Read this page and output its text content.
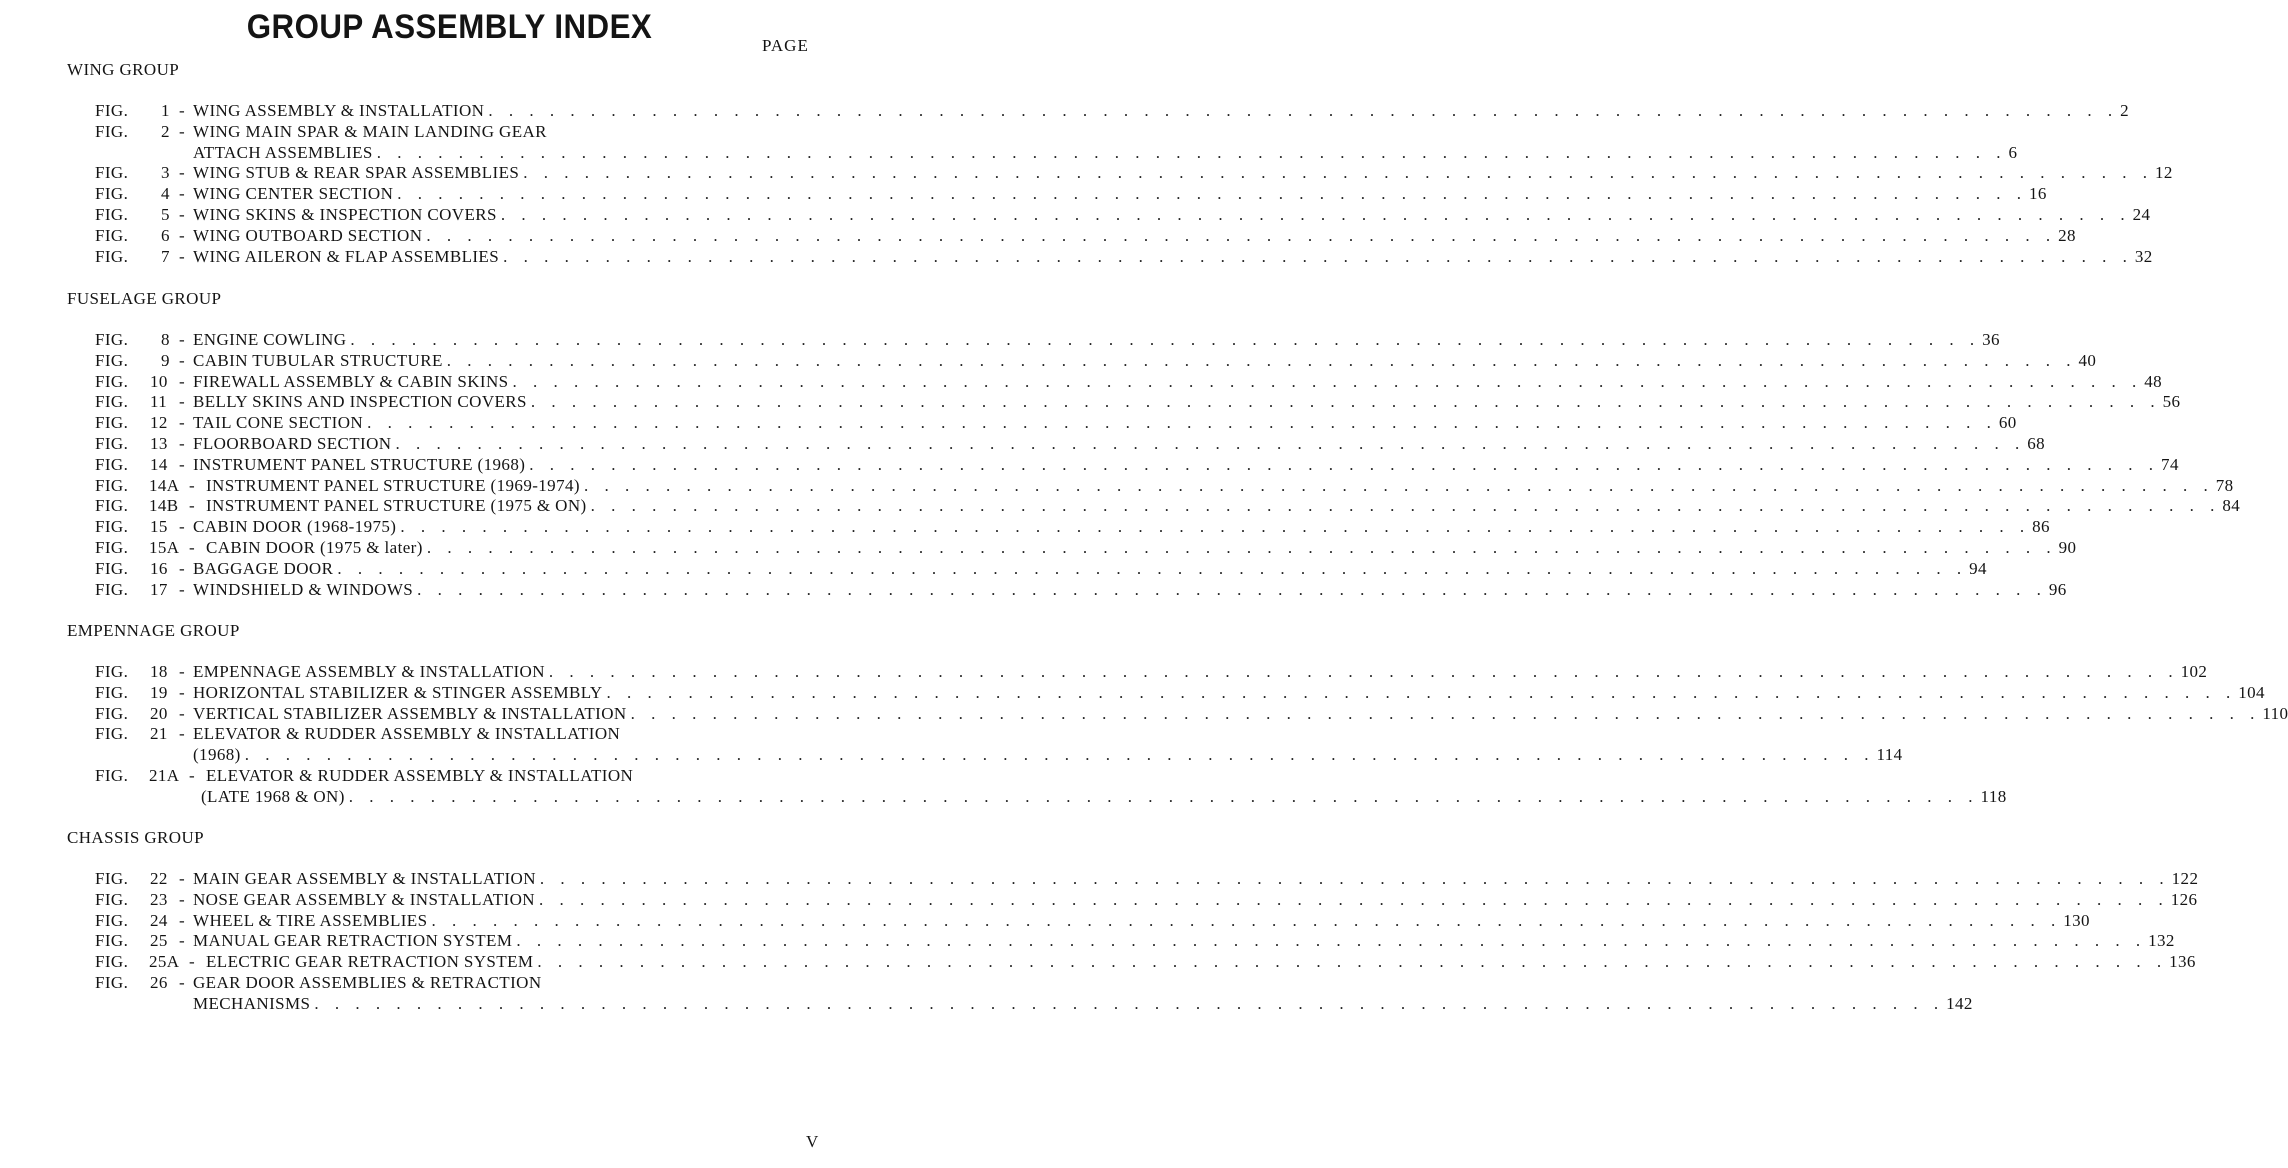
GROUP ASSEMBLY INDEX	PAGE
WING GROUP
FIG. 1 - WING ASSEMBLY & INSTALLATION . . . . . . . . . . . . . . . . . . . . . . . . . . . . . . . . . . . . . . . . . . . . . . . . . . . . . . . . . . . . . . . . . . . . . . . . . . . . . . . . 2
FIG. 2 - WING MAIN SPAR & MAIN LANDING GEAR
ATTACH ASSEMBLIES . . . . . . . . . . . . . . . . . . . . . . . . . . . . . . . . . . . . . . . . . . . . . . . . . . . . . . . . . . . . . . . . . . . . . . . . . . . . . . . . 6
FIG. 3 - WING STUB & REAR SPAR ASSEMBLIES . . . . . . . . . . . . . . . . . . . . . . . . . . . . . . . . . . . . . . . . . . . . . . . . . . . . . . . . . . . . . . . . . . . . . . . . . . . . . . . . 12
FIG. 4 - WING CENTER SECTION . . . . . . . . . . . . . . . . . . . . . . . . . . . . . . . . . . . . . . . . . . . . . . . . . . . . . . . . . . . . . . . . . . . . . . . . . . . . . . . . 16
FIG. 5 - WING SKINS & INSPECTION COVERS . . . . . . . . . . . . . . . . . . . . . . . . . . . . . . . . . . . . . . . . . . . . . . . . . . . . . . . . . . . . . . . . . . . . . . . . . . . . . . . . 24
FIG. 6 - WING OUTBOARD SECTION . . . . . . . . . . . . . . . . . . . . . . . . . . . . . . . . . . . . . . . . . . . . . . . . . . . . . . . . . . . . . . . . . . . . . . . . . . . . . . . . 28
FIG. 7 - WING AILERON & FLAP ASSEMBLIES . . . . . . . . . . . . . . . . . . . . . . . . . . . . . . . . . . . . . . . . . . . . . . . . . . . . . . . . . . . . . . . . . . . . . . . . . . . . . . . . 32
FUSELAGE GROUP
FIG. 8 - ENGINE COWLING . . . . . . . . . . . . . . . . . . . . . . . . . . . . . . . . . . . . . . . . . . . . . . . . . . . . . . . . . . . . . . . . . . . . . . . . . . . . . . . . 36
FIG. 9 - CABIN TUBULAR STRUCTURE . . . . . . . . . . . . . . . . . . . . . . . . . . . . . . . . . . . . . . . . . . . . . . . . . . . . . . . . . . . . . . . . . . . . . . . . . . . . . . . . 40
FIG. 10 - FIREWALL ASSEMBLY & CABIN SKINS . . . . . . . . . . . . . . . . . . . . . . . . . . . . . . . . . . . . . . . . . . . . . . . . . . . . . . . . . . . . . . . . . . . . . . . . . . . . . . . . 48
FIG. 11 - BELLY SKINS AND INSPECTION COVERS . . . . . . . . . . . . . . . . . . . . . . . . . . . . . . . . . . . . . . . . . . . . . . . . . . . . . . . . . . . . . . . . . . . . . . . . . . . . . . . . 56
FIG. 12 - TAIL CONE SECTION . . . . . . . . . . . . . . . . . . . . . . . . . . . . . . . . . . . . . . . . . . . . . . . . . . . . . . . . . . . . . . . . . . . . . . . . . . . . . . . . 60
FIG. 13 - FLOORBOARD SECTION . . . . . . . . . . . . . . . . . . . . . . . . . . . . . . . . . . . . . . . . . . . . . . . . . . . . . . . . . . . . . . . . . . . . . . . . . . . . . . . . 68
FIG. 14 - INSTRUMENT PANEL STRUCTURE (1968) . . . . . . . . . . . . . . . . . . . . . . . . . . . . . . . . . . . . . . . . . . . . . . . . . . . . . . . . . . . . . . . . . . . . . . . . . . . . . . . . 74
FIG. 14A - INSTRUMENT PANEL STRUCTURE (1969-1974) . . . . . . . . . . . . . . . . . . . . . . . . . . . . . . . . . . . . . . . . . . . . . . . . . . . . . . . . . . . . . . . . . . . . . . . . . . . . . . . . 78
FIG. 14B - INSTRUMENT PANEL STRUCTURE (1975 & ON) . . . . . . . . . . . . . . . . . . . . . . . . . . . . . . . . . . . . . . . . . . . . . . . . . . . . . . . . . . . . . . . . . . . . . . . . . . . . . . . . 84
FIG. 15 - CABIN DOOR (1968-1975) . . . . . . . . . . . . . . . . . . . . . . . . . . . . . . . . . . . . . . . . . . . . . . . . . . . . . . . . . . . . . . . . . . . . . . . . . . . . . . . . 86
FIG. 15A - CABIN DOOR (1975 & later) . . . . . . . . . . . . . . . . . . . . . . . . . . . . . . . . . . . . . . . . . . . . . . . . . . . . . . . . . . . . . . . . . . . . . . . . . . . . . . . . 90
FIG. 16 - BAGGAGE DOOR . . . . . . . . . . . . . . . . . . . . . . . . . . . . . . . . . . . . . . . . . . . . . . . . . . . . . . . . . . . . . . . . . . . . . . . . . . . . . . . . 94
FIG. 17 - WINDSHIELD & WINDOWS . . . . . . . . . . . . . . . . . . . . . . . . . . . . . . . . . . . . . . . . . . . . . . . . . . . . . . . . . . . . . . . . . . . . . . . . . . . . . . . . 96
EMPENNAGE GROUP
FIG. 18 - EMPENNAGE ASSEMBLY & INSTALLATION . . . . . . . . . . . . . . . . . . . . . . . . . . . . . . . . . . . . . . . . . . . . . . . . . . . . . . . . . . . . . . . . . . . . . . . . . . . . . . . . 102
FIG. 19 - HORIZONTAL STABILIZER & STINGER ASSEMBLY . . . . . . . . . . . . . . . . . . . . . . . . . . . . . . . . . . . . . . . . . . . . . . . . . . . . . . . . . . . . . . . . . . . . . . . . . . . . . . . . 104
FIG. 20 - VERTICAL STABILIZER ASSEMBLY & INSTALLATION . . . . . . . . . . . . . . . . . . . . . . . . . . . . . . . . . . . . . . . . . . . . . . . . . . . . . . . . . . . . . . . . . . . . . . . . . . . . . . . . 110
FIG. 21 - ELEVATOR & RUDDER ASSEMBLY & INSTALLATION
(1968) . . . . . . . . . . . . . . . . . . . . . . . . . . . . . . . . . . . . . . . . . . . . . . . . . . . . . . . . . . . . . . . . . . . . . . . . . . . . . . . . 114
FIG. 21A - ELEVATOR & RUDDER ASSEMBLY & INSTALLATION
(LATE 1968 & ON) . . . . . . . . . . . . . . . . . . . . . . . . . . . . . . . . . . . . . . . . . . . . . . . . . . . . . . . . . . . . . . . . . . . . . . . . . . . . . . . . 118
CHASSIS GROUP
FIG. 22 - MAIN GEAR ASSEMBLY & INSTALLATION . . . . . . . . . . . . . . . . . . . . . . . . . . . . . . . . . . . . . . . . . . . . . . . . . . . . . . . . . . . . . . . . . . . . . . . . . . . . . . . . 122
FIG. 23 - NOSE GEAR ASSEMBLY & INSTALLATION . . . . . . . . . . . . . . . . . . . . . . . . . . . . . . . . . . . . . . . . . . . . . . . . . . . . . . . . . . . . . . . . . . . . . . . . . . . . . . . . 126
FIG. 24 - WHEEL & TIRE ASSEMBLIES . . . . . . . . . . . . . . . . . . . . . . . . . . . . . . . . . . . . . . . . . . . . . . . . . . . . . . . . . . . . . . . . . . . . . . . . . . . . . . . . 130
FIG. 25 - MANUAL GEAR RETRACTION SYSTEM . . . . . . . . . . . . . . . . . . . . . . . . . . . . . . . . . . . . . . . . . . . . . . . . . . . . . . . . . . . . . . . . . . . . . . . . . . . . . . . . 132
FIG. 25A - ELECTRIC GEAR RETRACTION SYSTEM . . . . . . . . . . . . . . . . . . . . . . . . . . . . . . . . . . . . . . . . . . . . . . . . . . . . . . . . . . . . . . . . . . . . . . . . . . . . . . . . 136
FIG. 26 - GEAR DOOR ASSEMBLIES & RETRACTION
MECHANISMS . . . . . . . . . . . . . . . . . . . . . . . . . . . . . . . . . . . . . . . . . . . . . . . . . . . . . . . . . . . . . . . . . . . . . . . . . . . . . . . . 142
V
